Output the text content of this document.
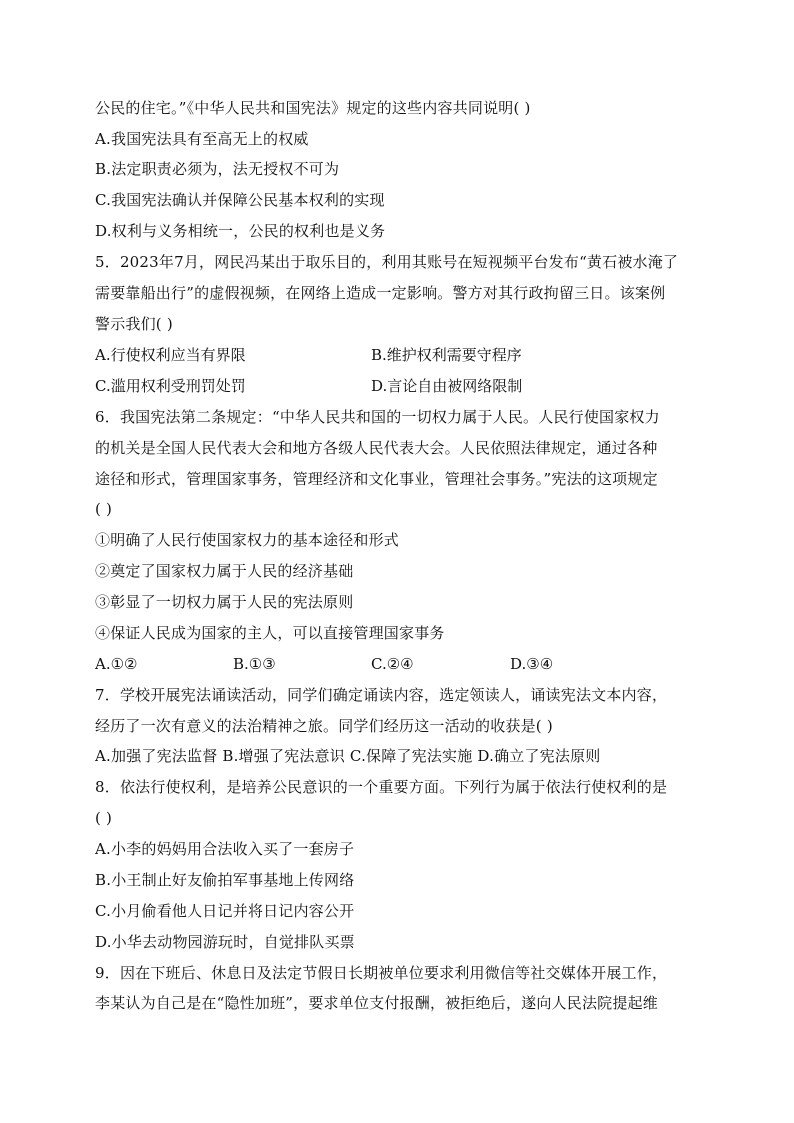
公民的住宅。”《中华人民共和国宪法》规定的这些内容共同说明( )
A.我国宪法具有至高无上的权威
B.法定职责必须为，法无授权不可为
C.我国宪法确认并保障公民基本权利的实现
D.权利与义务相统一，公民的权利也是义务
5．2023年7月，网民冯某出于取乐目的，利用其账号在短视频平台发布“黄石被水淹了
需要靠船出行”的虚假视频，在网络上造成一定影响。警方对其行政拘留三日。该案例
警示我们( )
A.行使权利应当有界限	B.维护权利需要守程序
C.滥用权利受刑罚处罚	D.言论自由被网络限制
6．我国宪法第二条规定：“中华人民共和国的一切权力属于人民。人民行使国家权力
的机关是全国人民代表大会和地方各级人民代表大会。人民依照法律规定，通过各种
途径和形式，管理国家事务，管理经济和文化事业，管理社会事务。”宪法的这项规定
( )
①明确了人民行使国家权力的基本途径和形式
②奠定了国家权力属于人民的经济基础
③彰显了一切权力属于人民的宪法原则
④保证人民成为国家的主人，可以直接管理国家事务
A.①②	B.①③	C.②④	D.③④
7．学校开展宪法诵读活动，同学们确定诵读内容，选定领读人，诵读宪法文本内容，
经历了一次有意义的法治精神之旅。同学们经历这一活动的收获是( )
A.加强了宪法监督 B.增强了宪法意识 C.保障了宪法实施 D.确立了宪法原则
8．依法行使权利，是培养公民意识的一个重要方面。下列行为属于依法行使权利的是
( )
A.小李的妈妈用合法收入买了一套房子
B.小王制止好友偷拍军事基地上传网络
C.小月偷看他人日记并将日记内容公开
D.小华去动物园游玩时，自觉排队买票
9．因在下班后、休息日及法定节假日长期被单位要求利用微信等社交媒体开展工作，
李某认为自己是在“隐性加班”，要求单位支付报酬，被拒绝后，遂向人民法院提起维
